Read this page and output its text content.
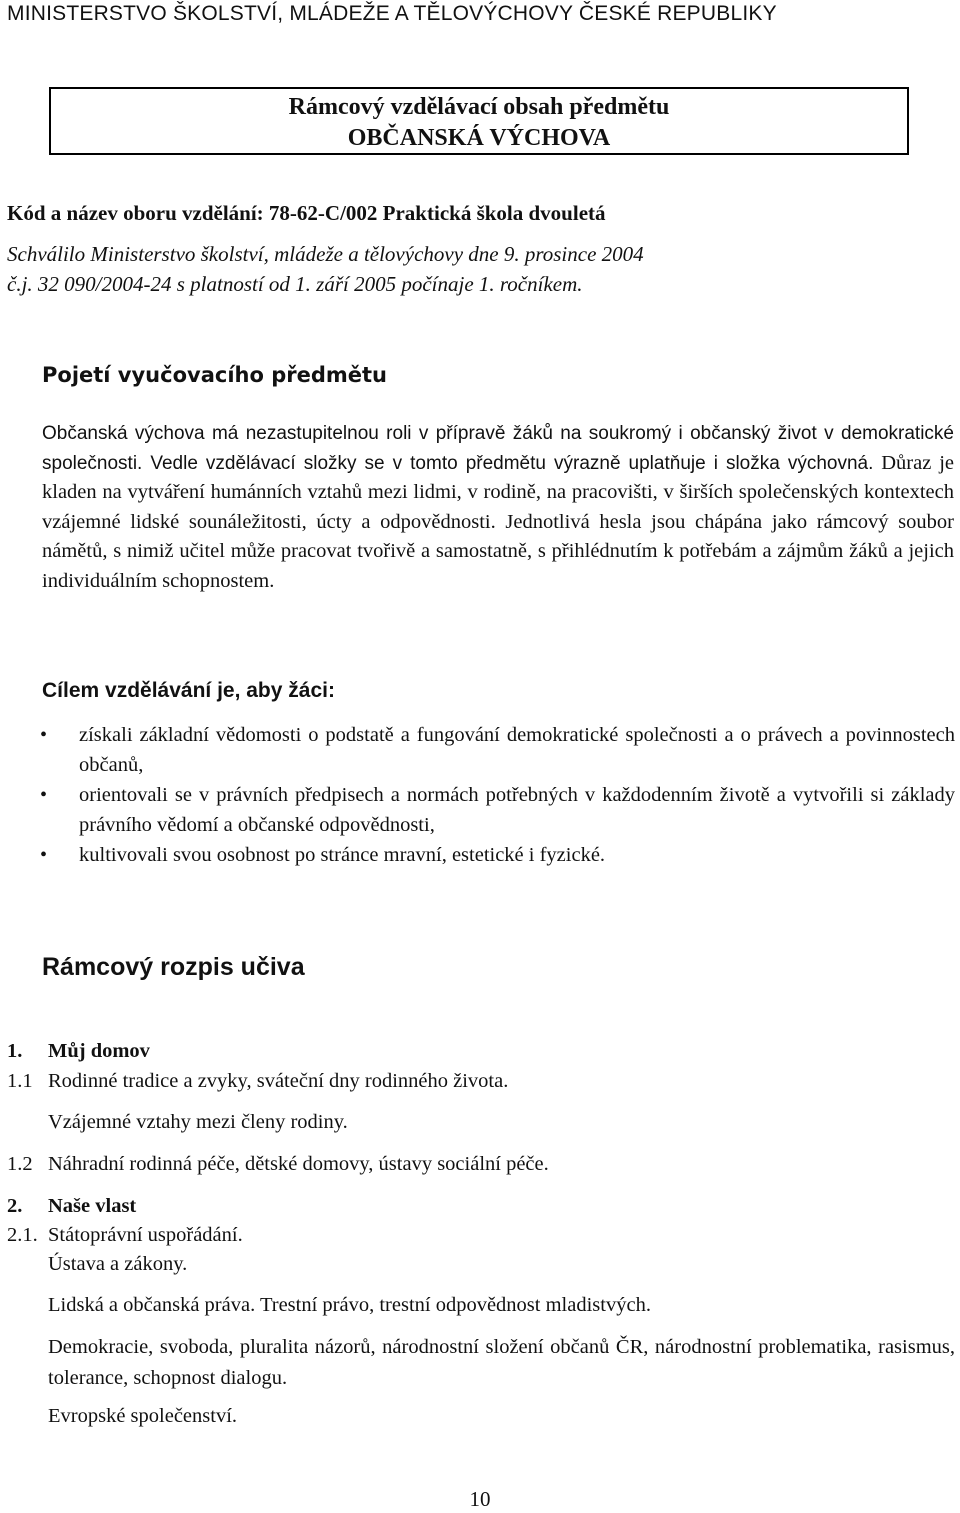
MINISTERSTVO ŠKOLSTVÍ, MLÁDEŽE A TĚLOVÝCHOVY ČESKÉ REPUBLIKY
Rámcový vzdělávací obsah předmětu
OBČANSKÁ VÝCHOVA
Kód a název oboru vzdělání: 78-62-C/002 Praktická škola dvouletá
Schválilo Ministerstvo školství, mládeže a tělovýchovy dne 9. prosince 2004
č.j. 32 090/2004-24 s platností od 1. září 2005 počínaje 1. ročníkem.
Pojetí vyučovacího předmětu

Občanská výchova má nezastupitelnou roli v přípravě žáků na soukromý i občanský život v demokratické společnosti. Vedle vzdělávací složky se v tomto předmětu výrazně uplatňuje i složka výchovná. Důraz je kladen na vytváření humánních vztahů mezi lidmi, v rodině, na pracovišti, v širších společenských kontextech vzájemné lidské sounáležitosti, úcty a odpovědnosti. Jednotlivá hesla jsou chápána jako rámcový soubor námětů, s nimiž učitel může pracovat tvořivě a samostatně, s přihlédnutím k potřebám a zájmům žáků a jejich individuálním schopnostem.

Cílem vzdělávání je, aby žáci:
• získali základní vědomosti o podstatě a fungování demokratické společnosti a o právech a povinnostech občanů,
• orientovali se v právních předpisech a normách potřebných v každodenním životě a vytvořili si základy právního vědomí a občanské odpovědnosti,
• kultivovali svou osobnost po stránce mravní, estetické i fyzické.
Rámcový rozpis učiva
1. Můj domov
1.1 Rodinné tradice a zvyky, sváteční dny rodinného života.
Vzájemné vztahy mezi členy rodiny.
1.2 Náhradní rodinná péče, dětské domovy, ústavy sociální péče.
2. Naše vlast
2.1. Státoprávní uspořádání.
Ústava a zákony.
Lidská a občanská práva. Trestní právo, trestní odpovědnost mladistvých.

Demokracie, svoboda, pluralita názorů, národnostní složení občanů ČR, národnostní problematika, rasismus, tolerance, schopnost dialogu.

Evropské společenství.
10
